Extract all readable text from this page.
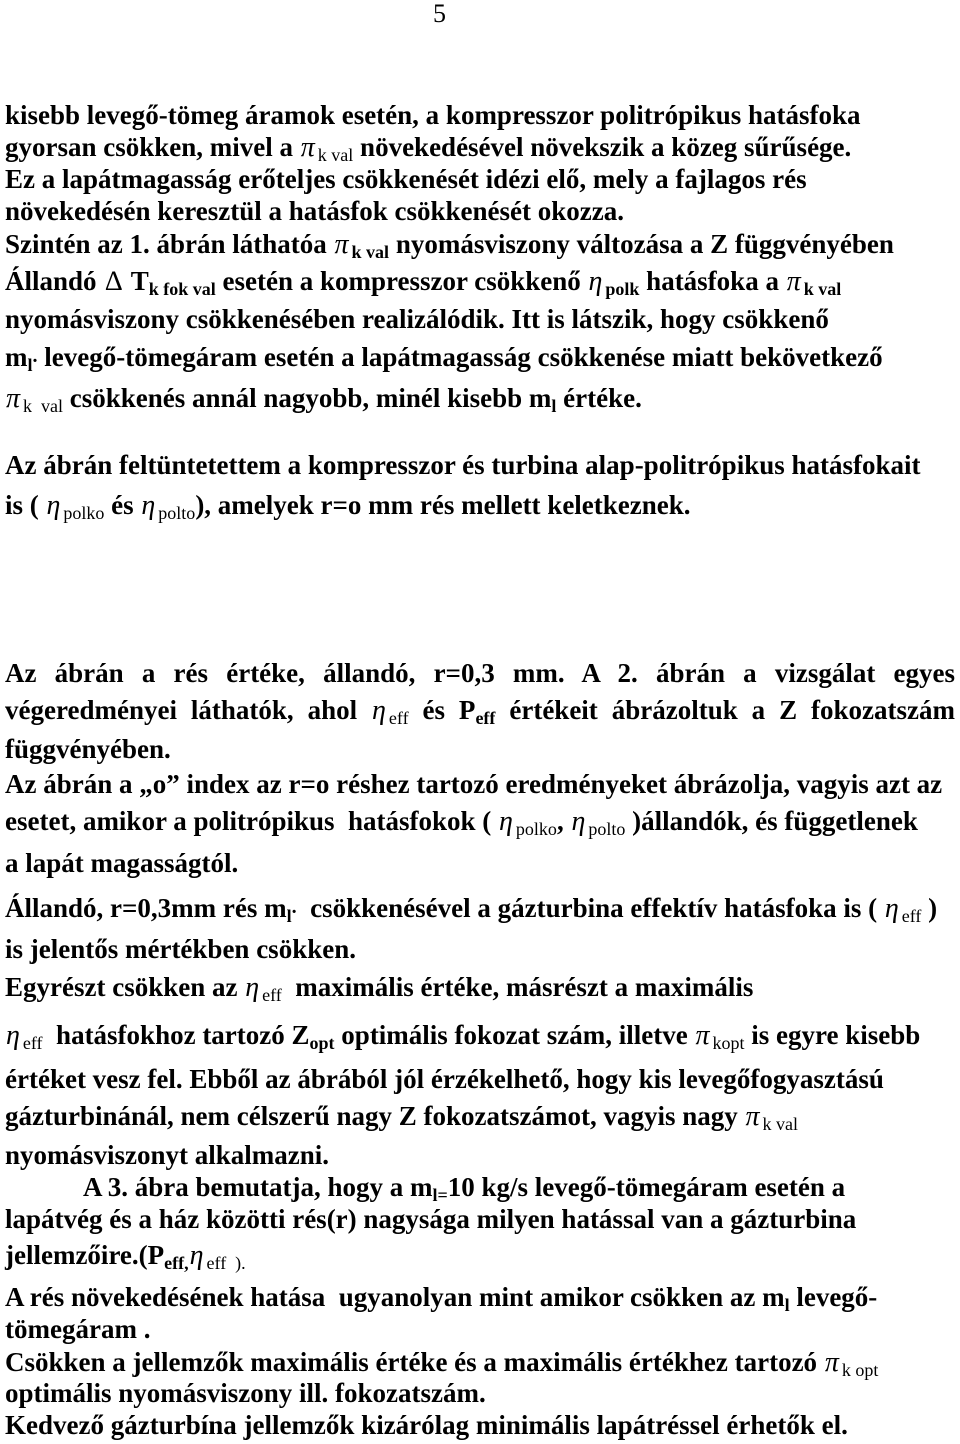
5
kisebb levegő-tömeg áramok esetén, a kompresszor politrópikus hatásfoka
gyorsan csökken, mivel a π $_{k val}$ növekedésével növekszik a közeg sűrűsége.
Ez a lapátmagasság erőteljes csökkenését idézi elő, mely a fajlagos rés
növekedésén keresztül a hatásfok csökkenését okozza.
Szintén az 1. ábrán láthatóa π $_{k val}$ nyomásviszony változása a Z függvényében
Állandó ∆ $T_{k fok val}$ esetén a kompresszor csökkenő η $_{polk}$ hatásfoka a π $_{k val}$
nyomásviszony csökkenésében realizálódik. Itt is látszik, hogy csökkenő
$m_l$. levegő-tömegáram esetén a lapátmagasság csökkenése miatt bekövetkező
π $_{k val}$ csökkenés annál nagyobb, minél kisebb $m_l$ értéke.
Az ábrán feltüntetettem a kompresszor és turbina alap-politrópikus hatásfokait
is ( η $_{polko}$ és η $_{polto}$), amelyek r=o mm rés mellett keletkeznek.
Az ábrán a rés értéke, állandó, r=0,3 mm. A 2. ábrán a vizsgálat egyes
végeredményei láthatók, ahol η $_{eff}$ és $P_{eff}$ értékeit ábrázoltuk a Z fokozatszám
függvényében.
Az ábrán a „o” index az r=o réshez tartozó eredményeket ábrázolja, vagyis azt az
esetet, amikor a politrópikus  hatásfokok ( η $_{polko}$, η $_{polto}$ )állandók, és függetlenek
a lapát magasságtól.
Állandó, r=0,3mm rés $m_l$.  csökkenésével a gázturbina effektív hatásfoka is ( η $_{eff}$ )
is jelentős mértékben csökken.
Egyrészt csökken az η $_{eff}$  maximális értéke, másrészt a maximális
η $_{eff}$  hatásfokhoz tartozó $Z_{opt}$ optimális fokozat szám, illetve π $_{kopt}$ is egyre kisebb
értéket vesz fel. Ebből az ábrából jól érzékelhető, hogy kis levegőfogyasztású
gázturbinánál, nem célszerű nagy Z fokozatszámot, vagyis nagy π $_{k val}$
nyomásviszonyt alkalmazni.
A 3. ábra bemutatja, hogy a $m_{l=}10$ kg/s levegő-tömegáram esetén a
lapátvég és a ház közötti rés(r) nagysága milyen hatással van a gázturbina
$jellemzőire.(P_{eff,}\eta$ $_{eff ).}$
A rés növekedésének hatása  ugyanolyan mint amikor csökken az $m_l$ levegő-
tömegáram .
Csökken a jellemzők maximális értéke és a maximális értékhez tartozó π $_{k opt}$
optimális nyomásviszony ill. fokozatszám.
Kedvező gázturbína jellemzők kizárólag minimális lapátréssel érhetők el.
